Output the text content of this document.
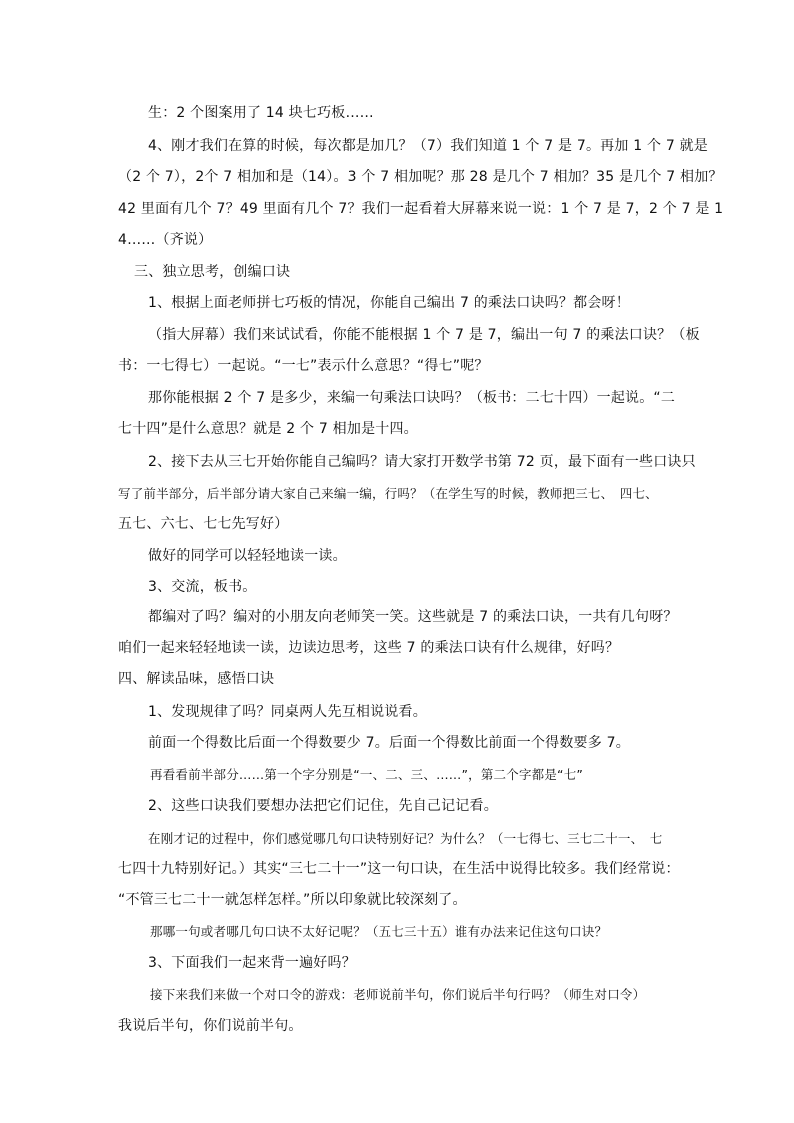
生：2 个图案用了 14 块七巧板……
4、刚才我们在算的时候，每次都是加几？（7）我们知道 1 个 7 是 7。再加 1 个 7 就是
（2 个 7），2个 7 相加和是（14）。3 个 7 相加呢？那 28 是几个 7 相加？35 是几个 7 相加？
42 里面有几个 7？49 里面有几个 7？我们一起看着大屏幕来说一说：1 个 7 是 7，2 个 7 是 1
4……（齐说）
三、独立思考，创编口诀
1、根据上面老师拼七巧板的情况，你能自己编出 7 的乘法口诀吗？都会呀！
（指大屏幕）我们来试试看，你能不能根据 1 个 7 是 7，编出一句 7 的乘法口诀？（板
书：一七得七）一起说。“一七”表示什么意思？“得七”呢？
那你能根据 2 个 7 是多少，来编一句乘法口诀吗？（板书：二七十四）一起说。“二
七十四”是什么意思？就是 2 个 7 相加是十四。
2、接下去从三七开始你能自己编吗？请大家打开数学书第 72 页，最下面有一些口诀只
写了前半部分，后半部分请大家自己来编一编，行吗？（在学生写的时候，教师把三七、　四七、
五七、六七、七七先写好）
做好的同学可以轻轻地读一读。
3、交流，板书。
都编对了吗？编对的小朋友向老师笑一笑。这些就是 7 的乘法口诀，一共有几句呀？
咱们一起来轻轻地读一读，边读边思考，这些 7 的乘法口诀有什么规律，好吗？
四、解读品味，感悟口诀
1、发现规律了吗？同桌两人先互相说说看。
前面一个得数比后面一个得数要少 7。后面一个得数比前面一个得数要多 7。
再看看前半部分……第一个字分别是“一、二、三、……”，第二个字都是“七”
2、这些口诀我们要想办法把它们记住，先自己记记看。
在刚才记的过程中，你们感觉哪几句口诀特别好记？为什么？（一七得七、三七二十一、　七
七四十九特别好记。）其实“三七二十一”这一句口诀，在生活中说得比较多。我们经常说：
“不管三七二十一就怎样怎样。”所以印象就比较深刻了。
那哪一句或者哪几句口诀不太好记呢？（五七三十五）谁有办法来记住这句口诀？
3、下面我们一起来背一遍好吗？
接下来我们来做一个对口令的游戏：老师说前半句，你们说后半句行吗？（师生对口令）
我说后半句，你们说前半句。
